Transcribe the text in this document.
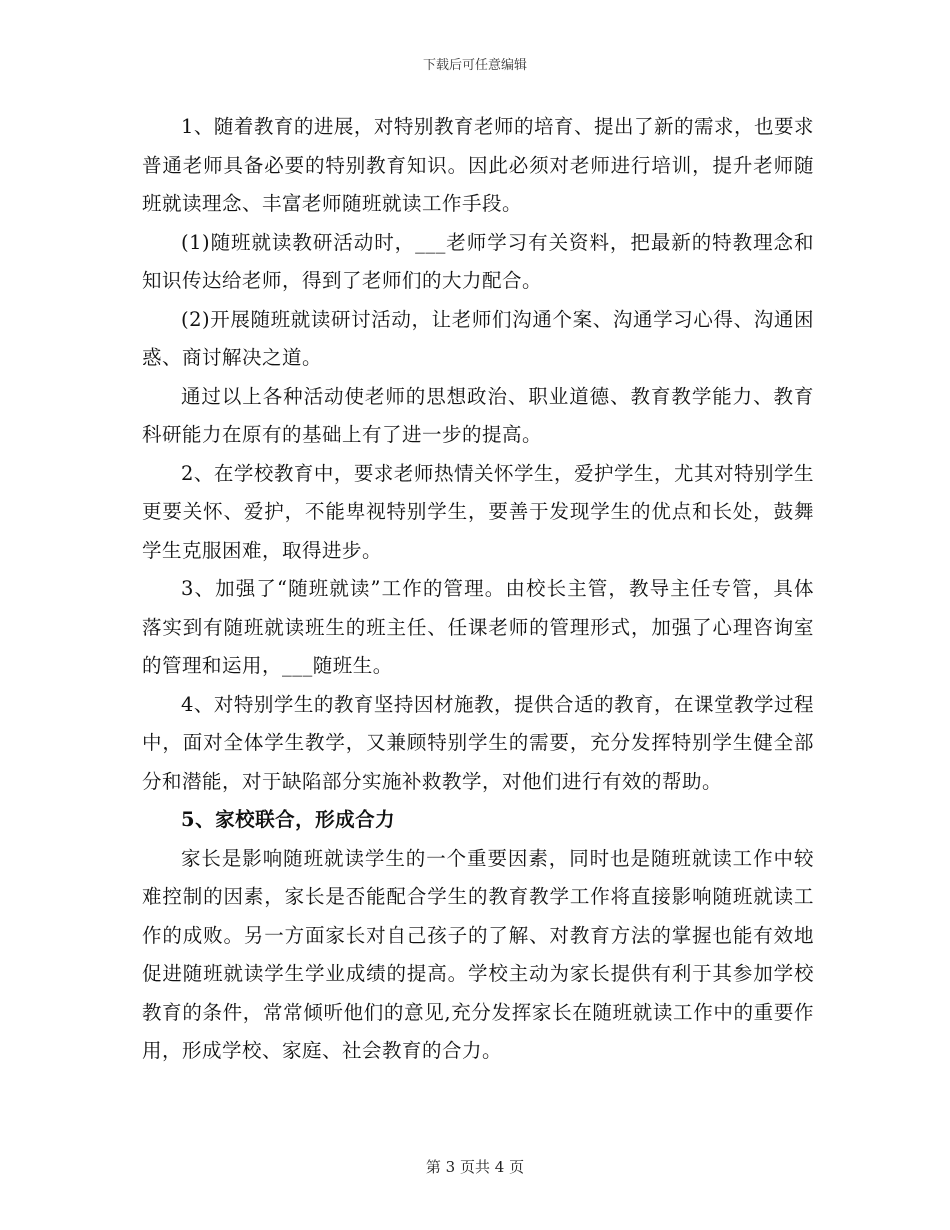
下载后可任意编辑

1、随着教育的进展，对特别教育老师的培育、提出了新的需求，也要求普通老师具备必要的特别教育知识。因此必须对老师进行培训，提升老师随班就读理念、丰富老师随班就读工作手段。

(1)随班就读教研活动时，___老师学习有关资料，把最新的特教理念和知识传达给老师，得到了老师们的大力配合。

(2)开展随班就读研讨活动，让老师们沟通个案、沟通学习心得、沟通困惑、商讨解决之道。

通过以上各种活动使老师的思想政治、职业道德、教育教学能力、教育科研能力在原有的基础上有了进一步的提高。

2、在学校教育中，要求老师热情关怀学生，爱护学生，尤其对特别学生更要关怀、爱护，不能卑视特别学生，要善于发现学生的优点和长处，鼓舞学生克服困难，取得进步。

3、加强了“随班就读”工作的管理。由校长主管，教导主任专管，具体落实到有随班就读班生的班主任、任课老师的管理形式，加强了心理咨询室的管理和运用，___随班生。

4、对特别学生的教育坚持因材施教，提供合适的教育，在课堂教学过程中，面对全体学生教学，又兼顾特别学生的需要，充分发挥特别学生健全部分和潜能，对于缺陷部分实施补救教学，对他们进行有效的帮助。

5、家校联合，形成合力

家长是影响随班就读学生的一个重要因素，同时也是随班就读工作中较难控制的因素，家长是否能配合学生的教育教学工作将直接影响随班就读工作的成败。另一方面家长对自己孩子的了解、对教育方法的掌握也能有效地促进随班就读学生学业成绩的提高。学校主动为家长提供有利于其参加学校教育的条件，常常倾听他们的意见,充分发挥家长在随班就读工作中的重要作用，形成学校、家庭、社会教育的合力。

第 3 页共 4 页
